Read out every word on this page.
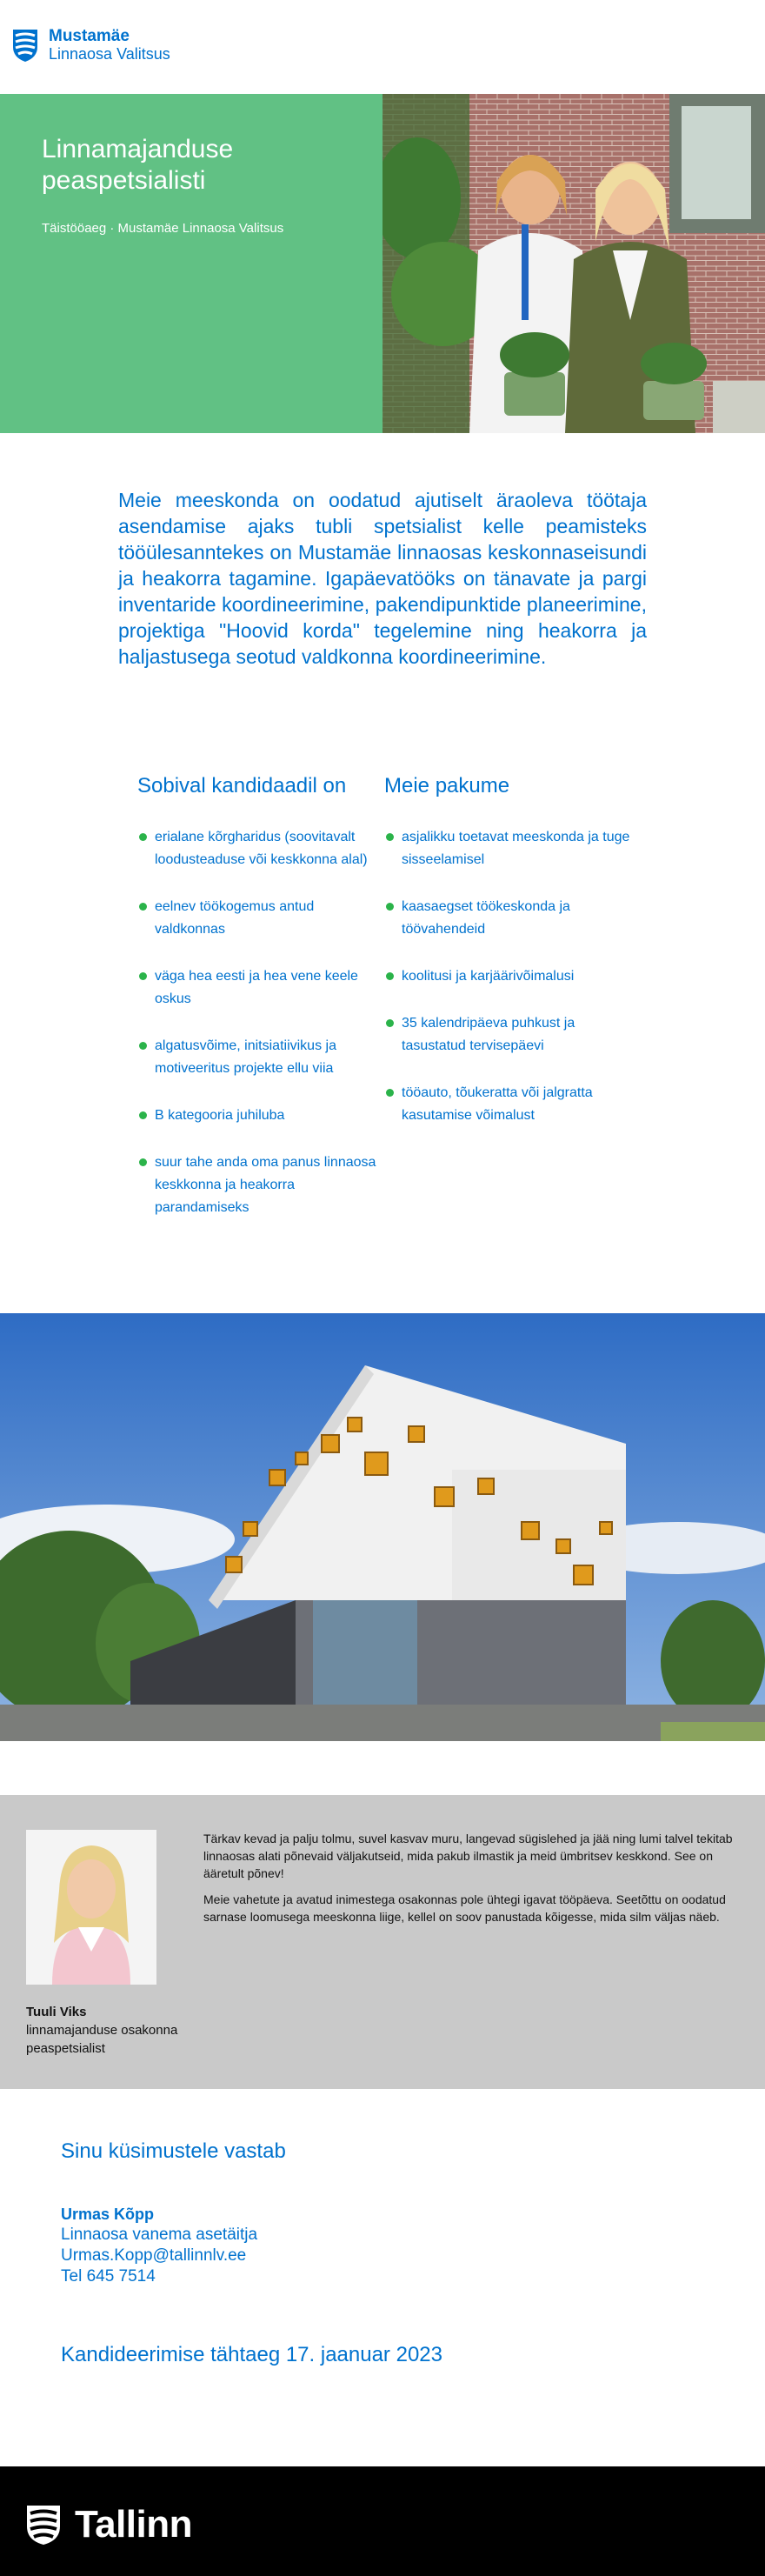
Mustamäe
Linnaosa Valitsus
Linnamajanduse peaspetsialisti
Täistööaeg · Mustamäe Linnaosa Valitsus

Meie meeskonda on oodatud ajutiselt äraoleva töötaja asendamise ajaks tubli spetsialist kelle peamisteks tööülesanntekes on Mustamäe linnaosas keskonnaseisundi ja heakorra tagamine. Igapäevatööks on tänavate ja pargi inventaride koordineerimine, pakendipunktide planeerimine, projektiga "Hoovid korda" tegelemine ning heakorra ja haljastusega seotud valdkonna koordineerimine.

Sobival kandidaadil on
erialane kõrgharidus (soovitavalt loodusteaduse või keskkonna alal)
eelnev töökogemus antud valdkonnas
väga hea eesti ja hea vene keele oskus
algatusvõime, initsiatiivikus ja motiveeritus projekte ellu viia
B kategooria juhiluba
suur tahe anda oma panus linnaosa keskkonna ja heakorra parandamiseks
Meie pakume
asjalikku toetavat meeskonda ja tuge sisseelamisel
kaasaegset töökeskonda ja töövahendeid
koolitusi ja karjäärivõimalusi
35 kalendripäeva puhkust ja tasustatud tervisepäevi
tööauto, tõukeratta või jalgratta kasutamise võimalust
Tuuli Viks
linnamajanduse osakonna peaspetsialist

Tärkav kevad ja palju tolmu, suvel kasvav muru, langevad sügislehed ja jää ning lumi talvel tekitab linnaosas alati põnevaid väljakutseid, mida pakub ilmastik ja meid ümbritsev keskkond. See on ääretult põnev!

Meie vahetute ja avatud inimestega osakonnas pole ühtegi igavat tööpäeva. Seetõttu on oodatud sarnase loomusega meeskonna liige, kellel on soov panustada kõigesse, mida silm väljas näeb.

Sinu küsimustele vastab
Urmas Kõpp
Linnaosa vanema asetäitja
Urmas.Kopp@tallinnlv.ee
Tel 645 7514
Kandideerimise tähtaeg 17. jaanuar 2023
Tallinn
